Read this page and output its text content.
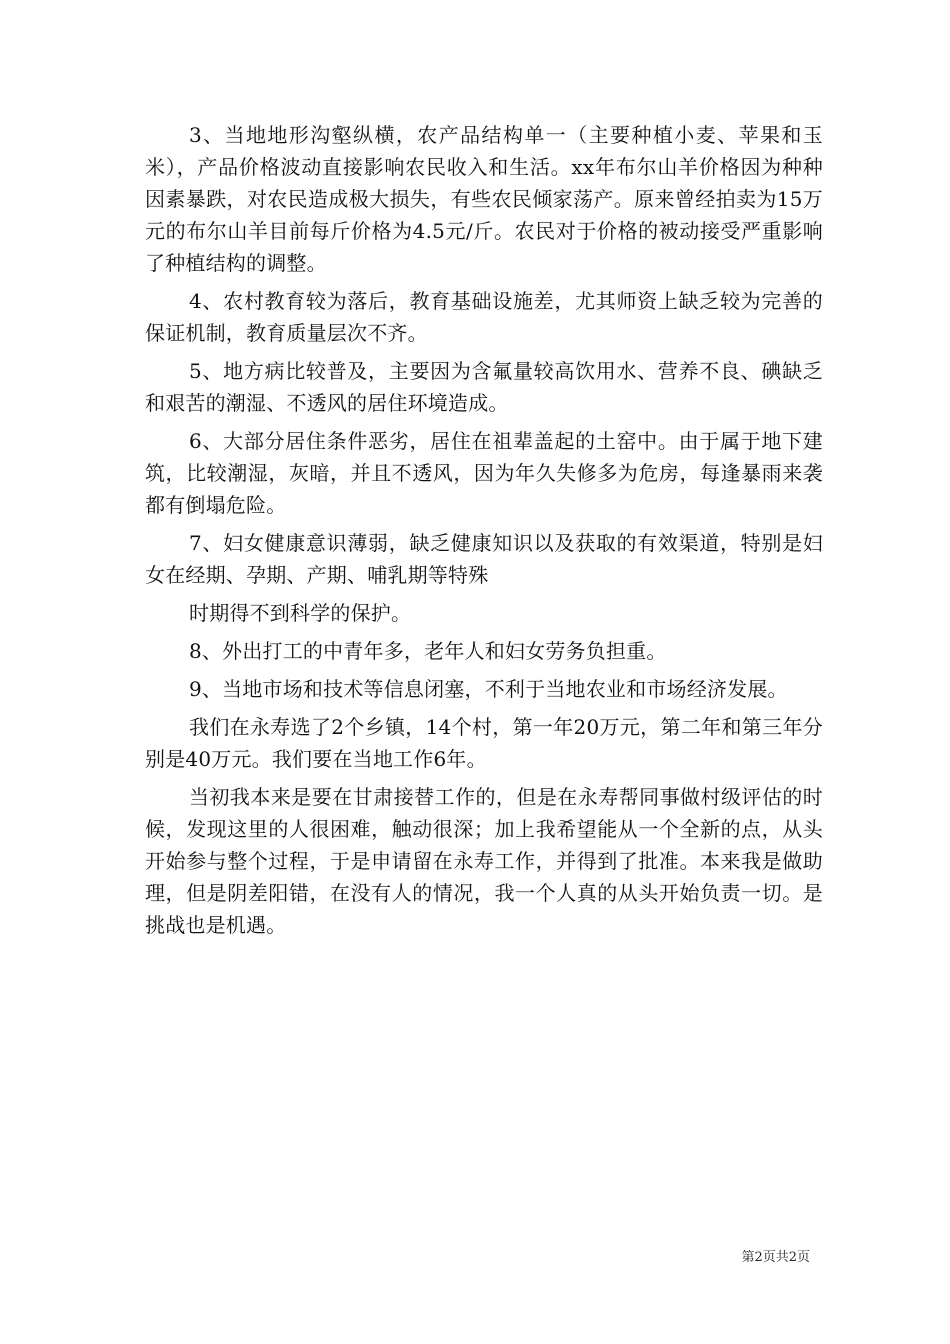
3、当地地形沟壑纵横，农产品结构单一（主要种植小麦、苹果和玉米），产品价格波动直接影响农民收入和生活。xx年布尔山羊价格因为种种因素暴跌，对农民造成极大损失，有些农民倾家荡产。原来曾经拍卖为15万元的布尔山羊目前每斤价格为4.5元/斤。农民对于价格的被动接受严重影响了种植结构的调整。

4、农村教育较为落后，教育基础设施差，尤其师资上缺乏较为完善的保证机制，教育质量层次不齐。

5、地方病比较普及，主要因为含氟量较高饮用水、营养不良、碘缺乏和艰苦的潮湿、不透风的居住环境造成。

6、大部分居住条件恶劣，居住在祖辈盖起的土窑中。由于属于地下建筑，比较潮湿，灰暗，并且不透风，因为年久失修多为危房，每逢暴雨来袭都有倒塌危险。

7、妇女健康意识薄弱，缺乏健康知识以及获取的有效渠道，特别是妇女在经期、孕期、产期、哺乳期等特殊

时期得不到科学的保护。

8、外出打工的中青年多，老年人和妇女劳务负担重。

9、当地市场和技术等信息闭塞，不利于当地农业和市场经济发展。

我们在永寿选了2个乡镇，14个村，第一年20万元，第二年和第三年分别是40万元。我们要在当地工作6年。

当初我本来是要在甘肃接替工作的，但是在永寿帮同事做村级评估的时候，发现这里的人很困难，触动很深；加上我希望能从一个全新的点，从头开始参与整个过程，于是申请留在永寿工作，并得到了批准。本来我是做助理，但是阴差阳错，在没有人的情况，我一个人真的从头开始负责一切。是挑战也是机遇。

第2页共2页
